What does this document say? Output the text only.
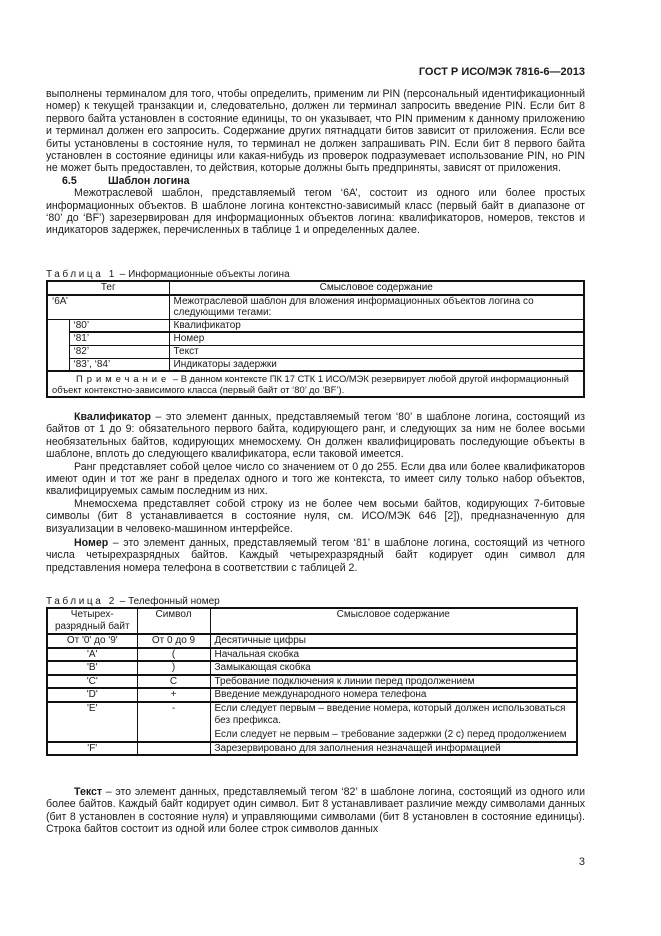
ГОСТ Р ИСО/МЭК 7816-6—2013

выполнены терминалом для того, чтобы определить, применим ли PIN (персональный идентификационный номер) к текущей транзакции и, следовательно, должен ли терминал запросить введение PIN. Если бит 8 первого байта установлен в состояние единицы, то он указывает, что PIN применим к данному приложению и терминал должен его запросить. Содержание других пятнадцати битов зависит от приложения. Если все биты установлены в состояние нуля, то терминал не должен запрашивать PIN. Если бит 8 первого байта установлен в состояние единицы или какая-нибудь из проверок подразумевает использование PIN, но PIN не может быть предоставлен, то действия, которые должны быть предприняты, зависят от приложения.

6.5	Шаблон логина

Межотраслевой шаблон, представляемый тегом ‘6A’, состоит из одного или более простых информационных объектов. В шаблоне логина контекстно-зависимый класс (первый байт в диапазоне от ‘80’ до ‘BF’) зарезервирован для информационных объектов логина: квалификаторов, номеров, текстов и индикаторов задержек, перечисленных в таблице 1 и определенных далее.

Таблица 1 – Информационные объекты логина

Тег		Смысловое содержание
‘6A’		Межотраслевой шаблон для вложения информационных объектов логина со следующими тегами:
	‘80’	Квалификатор
	‘81’	Номер
	‘82’	Текст
	‘83’, ‘84’	Индикаторы задержки
Примечание – В данном контексте ПК 17 СТК 1 ИСО/МЭК резервирует любой другой информационный объект контекстно-зависимого класса (первый байт от ‘80’ до ‘BF’).		

Квалификатор – это элемент данных, представляемый тегом ‘80’ в шаблоне логина, состоящий из байтов от 1 до 9: обязательного первого байта, кодирующего ранг, и следующих за ним не более восьми необязательных байтов, кодирующих мнемосхему. Он должен квалифицировать последующие объекты в шаблоне, вплоть до следующего квалификатора, если таковой имеется.

Ранг представляет собой целое число со значением от 0 до 255. Если два или более квалификаторов имеют один и тот же ранг в пределах одного и того же контекста, то имеет силу только набор объектов, квалифицируемых самым последним из них.

Мнемосхема представляет собой строку из не более чем восьми байтов, кодирующих 7-битовые символы (бит 8 устанавливается в состояние нуля, см. ИСО/МЭК 646 [2]), предназначенную для визуализации в человеко-машинном интерфейсе.

Номер – это элемент данных, представляемый тегом ‘81’ в шаблоне логина, состоящий из четного числа четырехразрядных байтов. Каждый четырехразрядный байт кодирует один символ для представления номера телефона в соответствии с таблицей 2.

Таблица 2 – Телефонный номер

Четырех-разрядный байт	Символ	Смысловое содержание
От '0' до '9'	От 0 до 9	Десятичные цифры
'A'	(	Начальная скобка
'B'	)	Замыкающая скобка
'C'	C	Требование подключения к линии перед продолжением
'D'	+	Введение международного номера телефона
'E'	-	Если следует первым – введение номера, который должен использоваться без префикса.
Если следует не первым – требование задержки (2 с) перед продолжением

'F'		Зарезервировано для заполнения незначащей информацией

Текст – это элемент данных, представляемый тегом ‘82’ в шаблоне логина, состоящий из одного или более байтов. Каждый байт кодирует один символ. Бит 8 устанавливает различие между символами данных (бит 8 установлен в состояние нуля) и управляющими символами (бит 8 установлен в состояние единицы). Строка байтов состоит из одной или более строк символов данных

3
